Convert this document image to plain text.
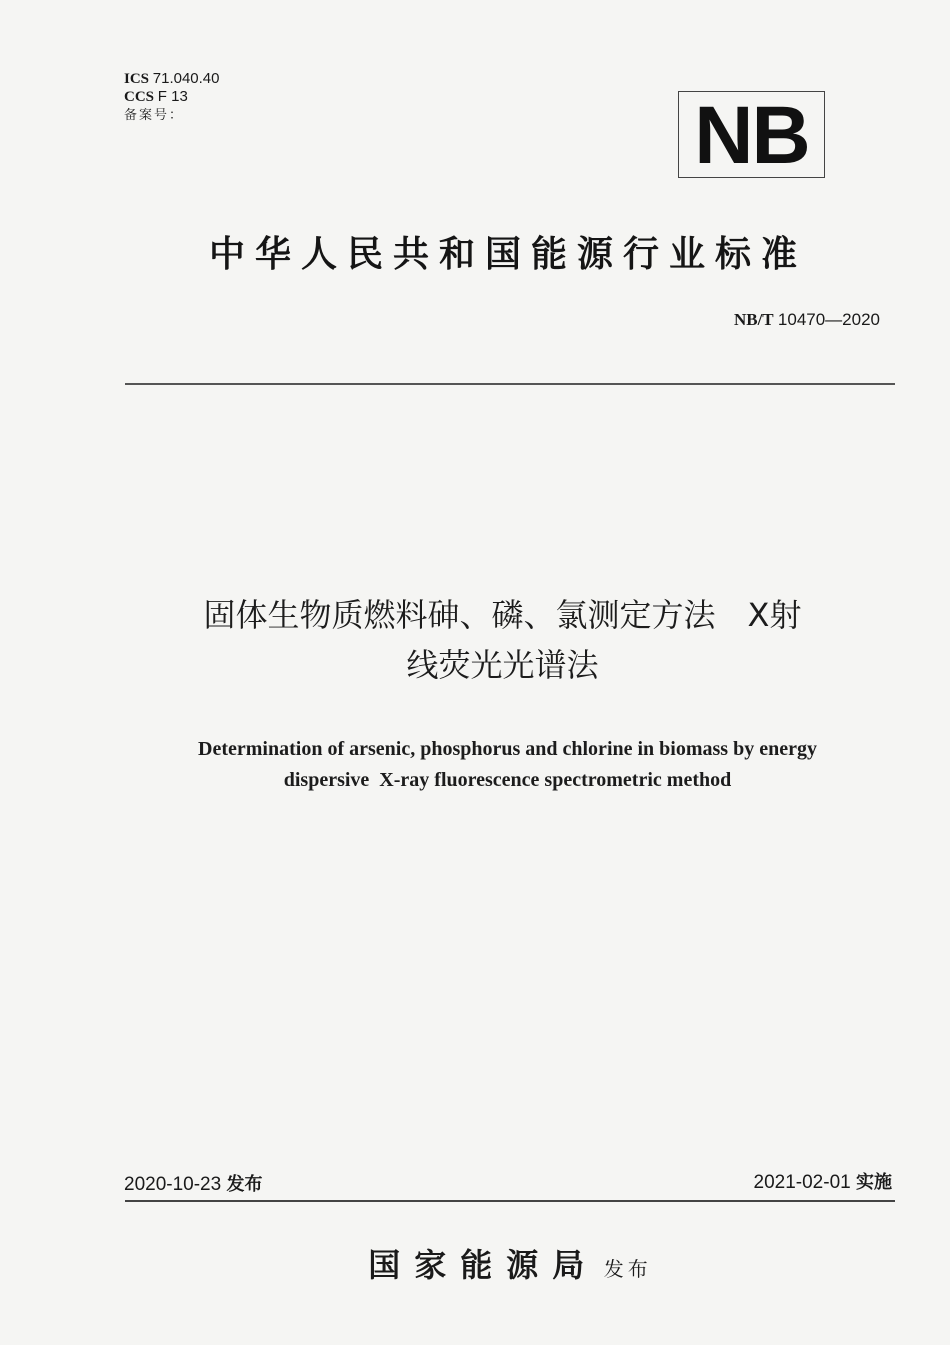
ICS 71.040.40
CCS F 13
备案号：	NB
中华人民共和国能源行业标准
NB/T 10470—2020
固体生物质燃料砷、磷、氯测定方法　X射
线荧光光谱法
Determination of arsenic, phosphorus and chlorine in biomass by energy
dispersive  X-ray fluorescence spectrometric method
2020-10-23 发布	2021-02-01 实施
国家能源局 发布
